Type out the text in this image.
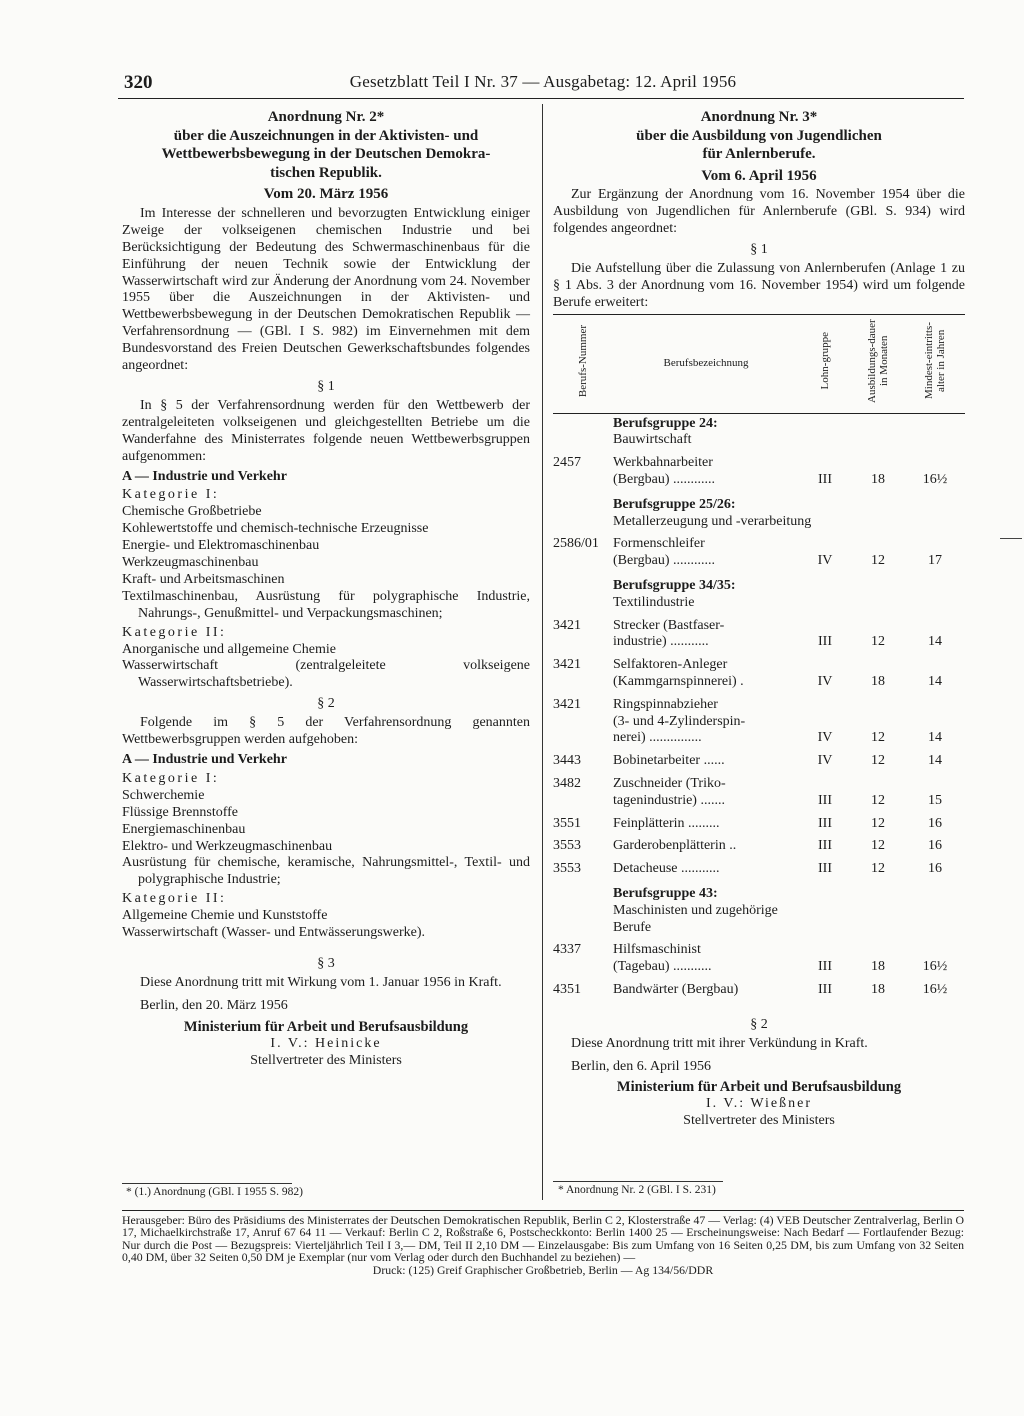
320	Gesetzblatt Teil I Nr. 37 — Ausgabetag: 12. April 1956

Anordnung Nr. 2*
über die Auszeichnungen in der Aktivisten- und
Wettbewerbsbewegung in der Deutschen Demokra-
tischen Republik.

Vom 20. März 1956

Im Interesse der schnelleren und bevorzugten Entwicklung einiger Zweige der volkseigenen chemischen Industrie und bei Berücksichtigung der Bedeutung des Schwermaschinenbaus für die Einführung der neuen Technik sowie der Entwicklung der Wasserwirtschaft wird zur Änderung der Anordnung vom 24. November 1955 über die Auszeichnungen in der Aktivisten- und Wettbewerbsbewegung in der Deutschen Demokratischen Republik — Verfahrensordnung — (GBl. I S. 982) im Einvernehmen mit dem Bundesvorstand des Freien Deutschen Gewerkschaftsbundes folgendes angeordnet:

§ 1

In § 5 der Verfahrensordnung werden für den Wettbewerb der zentralgeleiteten volkseigenen und gleichgestellten Betriebe um die Wanderfahne des Ministerrates folgende neuen Wettbewerbsgruppen aufgenommen:

A — Industrie und Verkehr

Kategorie I:

Chemische Großbetriebe

Kohlewertstoffe und chemisch-technische Erzeugnisse

Energie- und Elektromaschinenbau

Werkzeugmaschinenbau

Kraft- und Arbeitsmaschinen

Textilmaschinenbau, Ausrüstung für polygraphische Industrie, Nahrungs-, Genußmittel- und Verpackungsmaschinen;

Kategorie II:

Anorganische und allgemeine Chemie

Wasserwirtschaft (zentralgeleitete volkseigene Wasserwirtschaftsbetriebe).

§ 2

Folgende im § 5 der Verfahrensordnung genannten Wettbewerbsgruppen werden aufgehoben:

A — Industrie und Verkehr

Kategorie I:

Schwerchemie

Flüssige Brennstoffe

Energiemaschinenbau

Elektro- und Werkzeugmaschinenbau

Ausrüstung für chemische, keramische, Nahrungsmittel-, Textil- und polygraphische Industrie;

Kategorie II:

Allgemeine Chemie und Kunststoffe

Wasserwirtschaft (Wasser- und Entwässerungswerke).

§ 3

Diese Anordnung tritt mit Wirkung vom 1. Januar 1956 in Kraft.

Berlin, den 20. März 1956

Ministerium für Arbeit und Berufsausbildung

I. V.: Heinicke

Stellvertreter des Ministers

* (1.) Anordnung (GBl. I 1955 S. 982)

Anordnung Nr. 3*
über die Ausbildung von Jugendlichen
für Anlernberufe.

Vom 6. April 1956

Zur Ergänzung der Anordnung vom 16. November 1954 über die Ausbildung von Jugendlichen für Anlernberufe (GBl. S. 934) wird folgendes angeordnet:

§ 1

Die Aufstellung über die Zulassung von Anlernberufen (Anlage 1 zu § 1 Abs. 3 der Anordnung vom 16. November 1954) wird um folgende Berufe erweitert:

Berufs-Nummer	Berufsbezeichnung	Lohn-gruppe	Ausbildungs-dauer in Monaten	Mindest-eintritts-alter in Jahren
	Berufsgruppe 24:
Bauwirtschaft			
2457	Werkbahnarbeiter
(Bergbau) ............	III	18	16½
	Berufsgruppe 25/26:
Metallerzeugung und -verarbeitung			
2586/01	Formenschleifer
(Bergbau) ............	IV	12	17
	Berufsgruppe 34/35:
Textilindustrie			
3421	Strecker (Bastfaser-
industrie) ...........	III	12	14
3421	Selfaktoren-Anleger
(Kammgarnspinnerei) .	IV	18	14
3421	Ringspinnabzieher
(3- und 4-Zylinderspin-
nerei) ...............	IV	12	14
3443	Bobinetarbeiter ......	IV	12	14
3482	Zuschneider (Triko-
tagenindustrie) .......	III	12	15
3551	Feinplätterin .........	III	12	16
3553	Garderobenplätterin ..	III	12	16
3553	Detacheuse ...........	III	12	16
	Berufsgruppe 43:
Maschinisten und zugehörige Berufe			
4337	Hilfsmaschinist
(Tagebau) ...........	III	18	16½
4351	Bandwärter (Bergbau)	III	18	16½

§ 2

Diese Anordnung tritt mit ihrer Verkündung in Kraft.

Berlin, den 6. April 1956

Ministerium für Arbeit und Berufsausbildung

I. V.: Wießner

Stellvertreter des Ministers

* Anordnung Nr. 2 (GBl. I S. 231)
Herausgeber: Büro des Präsidiums des Ministerrates der Deutschen Demokratischen Republik, Berlin C 2, Klosterstraße 47 — Verlag: (4) VEB Deutscher Zentralverlag, Berlin O 17, Michaelkirchstraße 17, Anruf 67 64 11 — Verkauf: Berlin C 2, Roßstraße 6, Postscheckkonto: Berlin 1400 25 — Erscheinungsweise: Nach Bedarf — Fortlaufender Bezug: Nur durch die Post — Bezugspreis: Vierteljährlich Teil I 3,— DM, Teil II 2,10 DM — Einzelausgabe: Bis zum Umfang von 16 Seiten 0,25 DM, bis zum Umfang von 32 Seiten 0,40 DM, über 32 Seiten 0,50 DM je Exemplar (nur vom Verlag oder durch den Buchhandel zu beziehen) —
Druck: (125) Greif Graphischer Großbetrieb, Berlin — Ag 134/56/DDR
